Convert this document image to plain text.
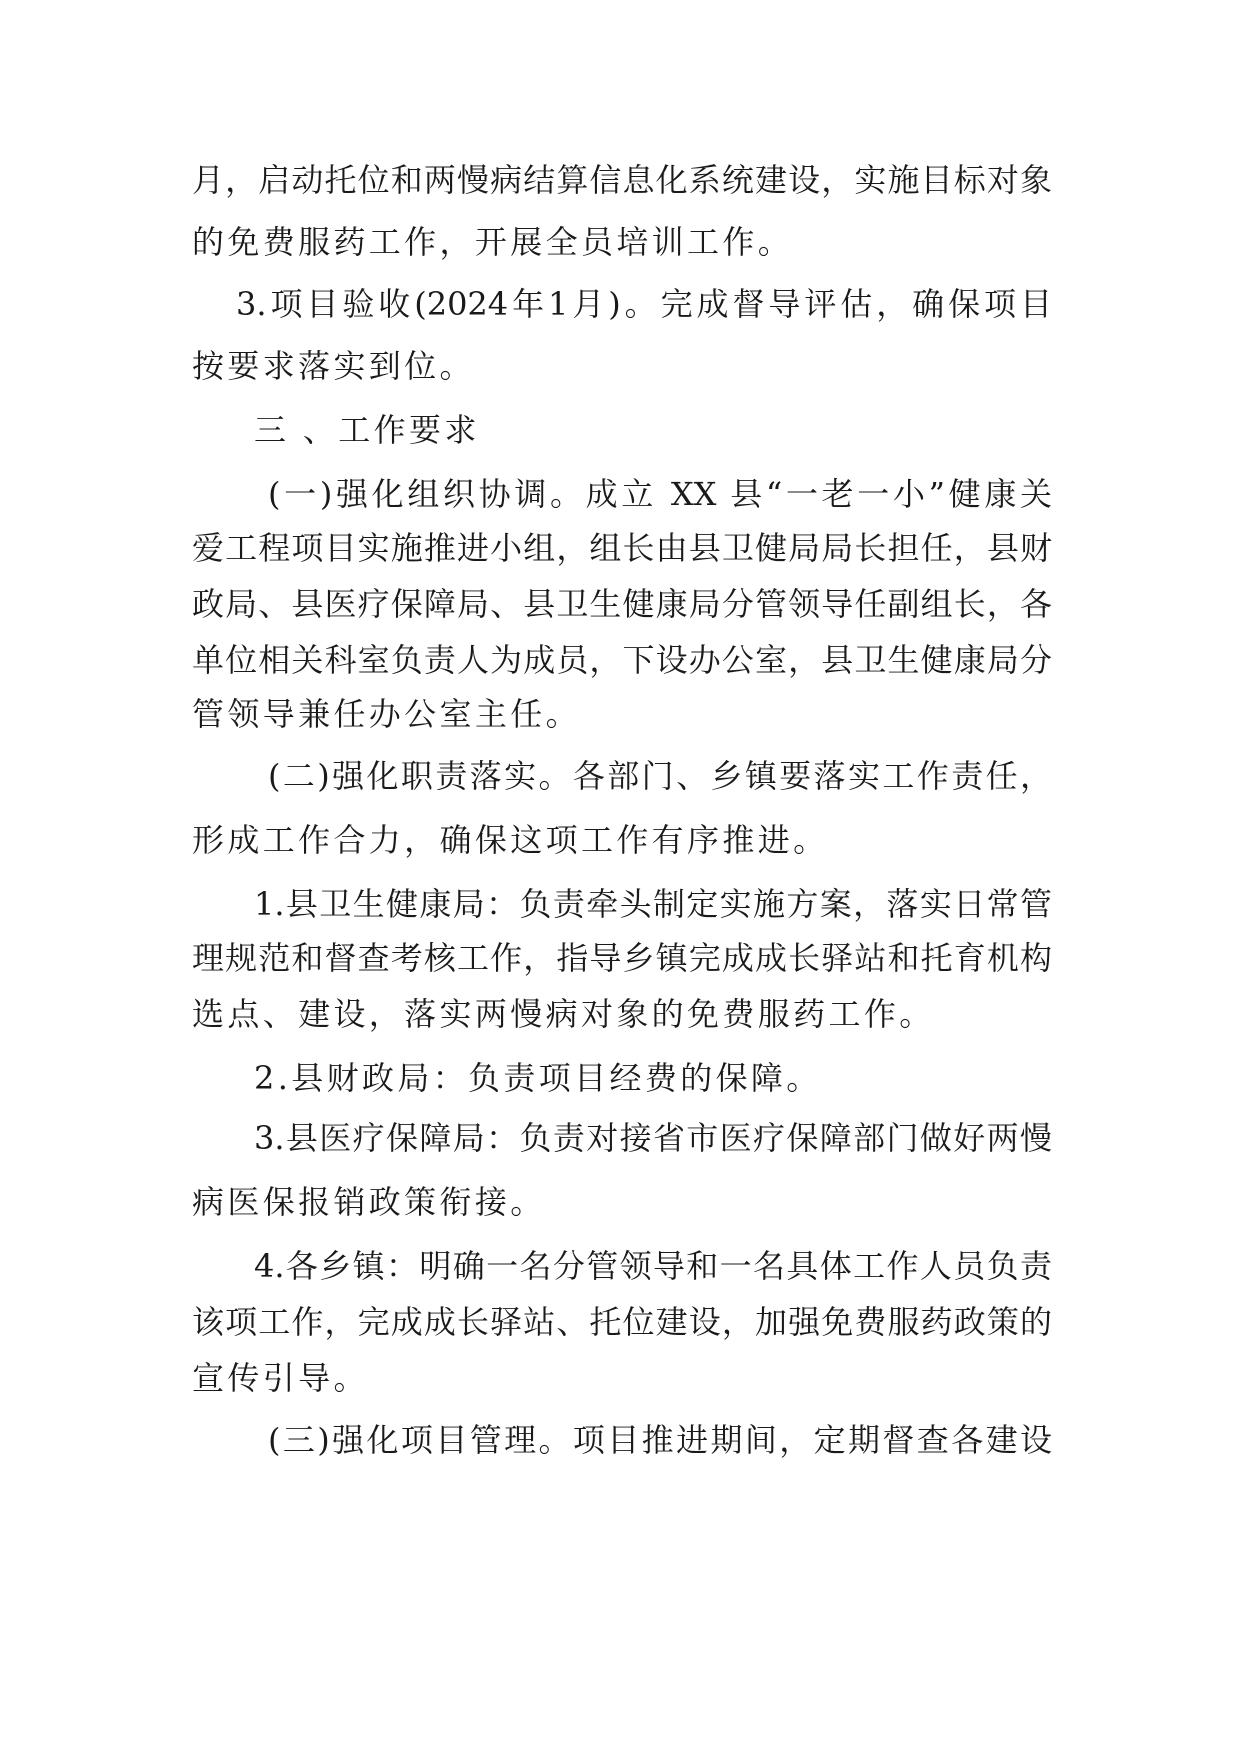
月，启动托位和两慢病结算信息化系统建设，实施目标对象
的免费服药工作，开展全员培训工作。
3.项目验收(2024年1月)。完成督导评估，确保项目
按要求落实到位。
三 、工作要求
(一)强化组织协调。成立 XX 县“一老一小”健康关
爱工程项目实施推进小组，组长由县卫健局局长担任，县财
政局、县医疗保障局、县卫生健康局分管领导任副组长，各
单位相关科室负责人为成员，下设办公室，县卫生健康局分
管领导兼任办公室主任。
(二)强化职责落实。各部门、乡镇要落实工作责任，
形成工作合力，确保这项工作有序推进。
1.县卫生健康局：负责牵头制定实施方案，落实日常管
理规范和督查考核工作，指导乡镇完成成长驿站和托育机构
选点、建设，落实两慢病对象的免费服药工作。
2.县财政局：负责项目经费的保障。
3.县医疗保障局：负责对接省市医疗保障部门做好两慢
病医保报销政策衔接。
4.各乡镇：明确一名分管领导和一名具体工作人员负责
该项工作，完成成长驿站、托位建设，加强免费服药政策的
宣传引导。
(三)强化项目管理。项目推进期间，定期督查各建设
